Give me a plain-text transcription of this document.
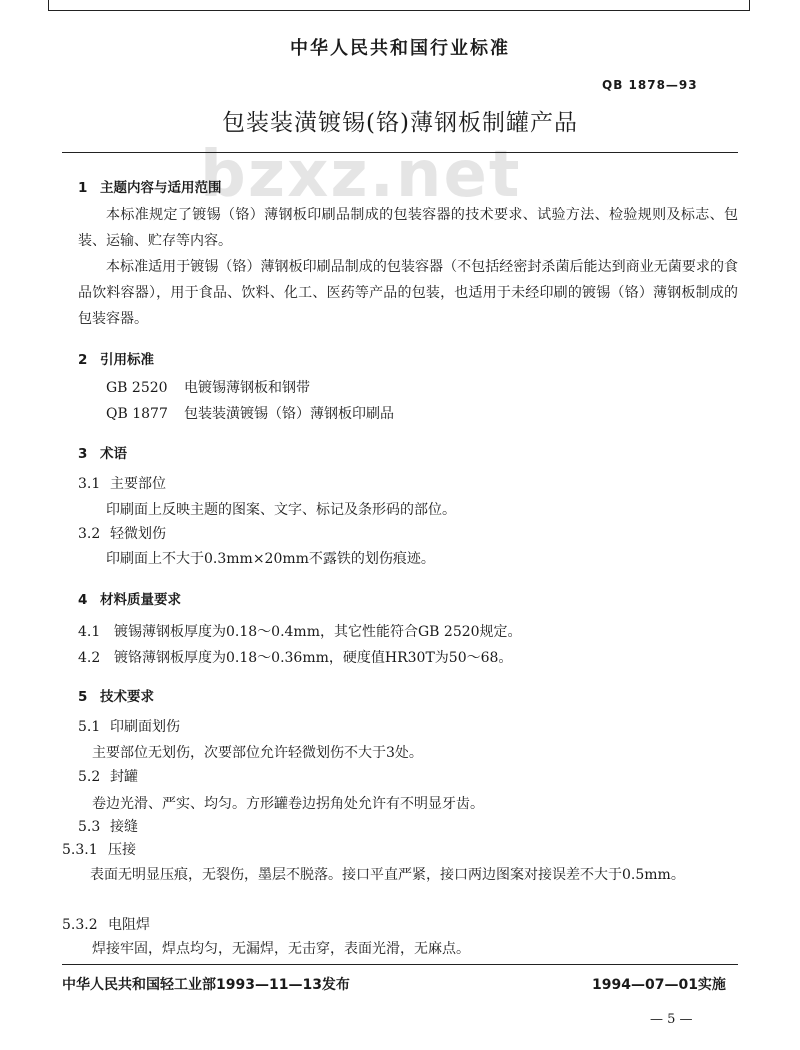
中华人民共和国行业标准
QB 1878—93
包装装潢镀锡(铬)薄钢板制罐产品
bzxz.net
1 主题内容与适用范围
本标准规定了镀锡（铬）薄钢板印刷品制成的包装容器的技术要求、试验方法、检验规则及标志、包装、运输、贮存等内容。
本标准适用于镀锡（铬）薄钢板印刷品制成的包装容器（不包括经密封杀菌后能达到商业无菌要求的食品饮料容器），用于食品、饮料、化工、医药等产品的包装，也适用于未经印刷的镀锡（铬）薄钢板制成的包装容器。
2 引用标准
GB 2520 电镀锡薄钢板和钢带
QB 1877 包装装潢镀锡（铬）薄钢板印刷品
3 术语
3.1 主要部位
印刷面上反映主题的图案、文字、标记及条形码的部位。
3.2 轻微划伤
印刷面上不大于0.3mm×20mm不露铁的划伤痕迹。
4 材料质量要求
4.1 镀锡薄钢板厚度为0.18～0.4mm，其它性能符合GB 2520规定。
4.2 镀铬薄钢板厚度为0.18～0.36mm，硬度值HR30T为50～68。
5 技术要求
5.1 印刷面划伤
主要部位无划伤，次要部位允许轻微划伤不大于3处。
5.2 封罐
卷边光滑、严实、均匀。方形罐卷边拐角处允许有不明显牙齿。
5.3 接缝
5.3.1 压接
表面无明显压痕，无裂伤，墨层不脱落。接口平直严紧，接口两边图案对接误差不大于0.5mm。
5.3.2 电阻焊
焊接牢固，焊点均匀，无漏焊，无击穿，表面光滑，无麻点。
中华人民共和国轻工业部1993—11—13发布	1994—07—01实施
— 5 —
